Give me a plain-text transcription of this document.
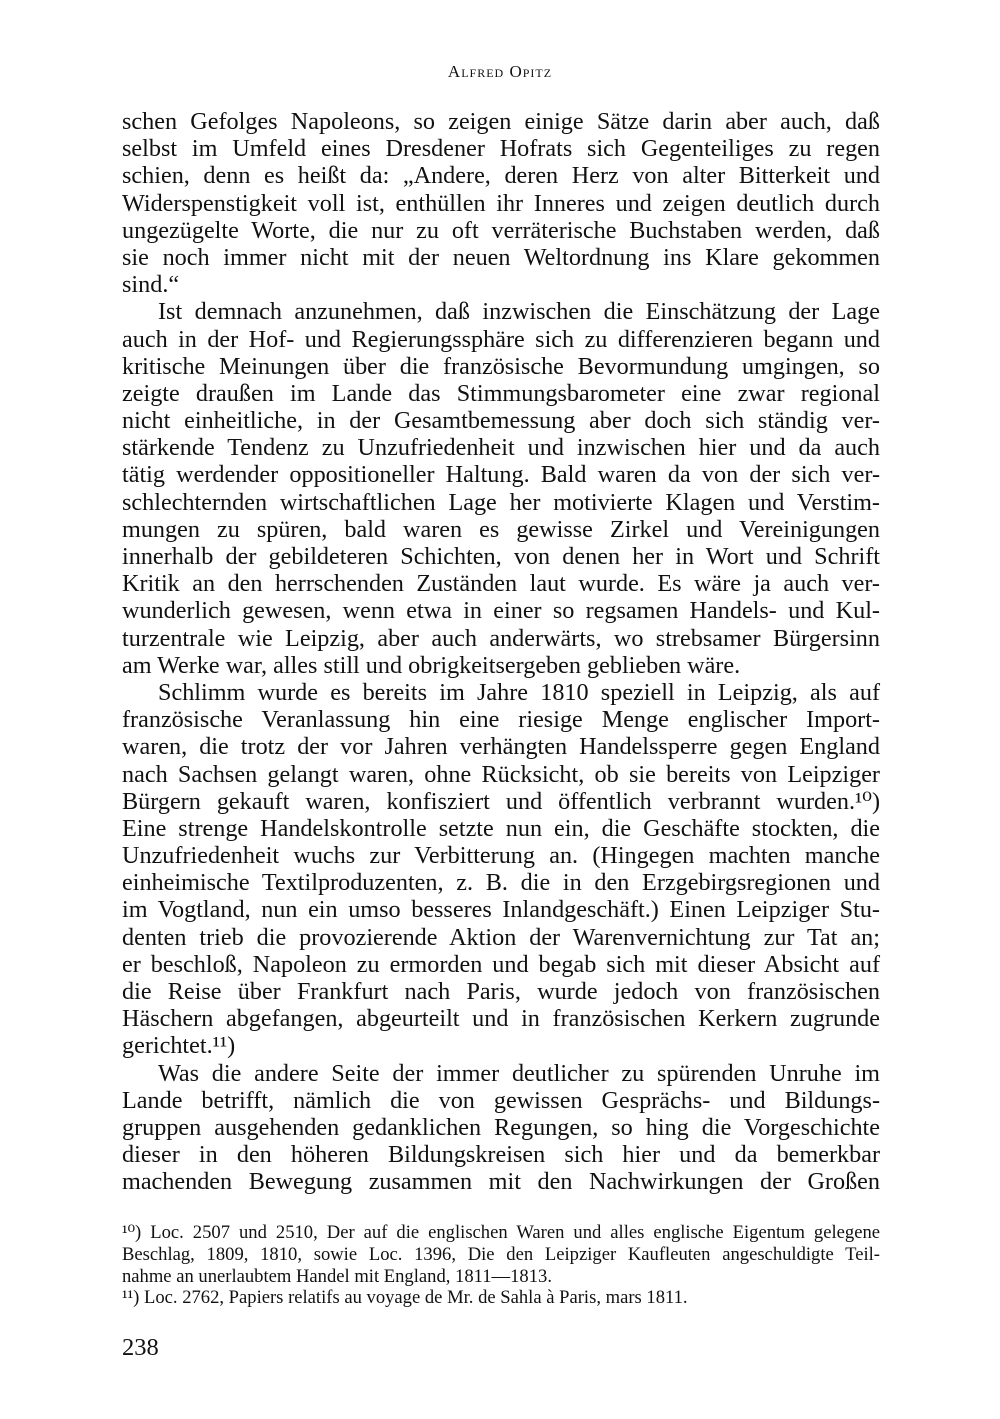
Alfred Opitz
schen Gefolges Napoleons, so zeigen einige Sätze darin aber auch, daß
selbst im Umfeld eines Dresdener Hofrats sich Gegenteiliges zu regen
schien, denn es heißt da: „Andere, deren Herz von alter Bitterkeit und
Widerspenstigkeit voll ist, enthüllen ihr Inneres und zeigen deutlich durch
ungezügelte Worte, die nur zu oft verräterische Buchstaben werden, daß
sie noch immer nicht mit der neuen Weltordnung ins Klare gekommen
sind.“
Ist demnach anzunehmen, daß inzwischen die Einschätzung der Lage
auch in der Hof- und Regierungssphäre sich zu differenzieren begann und
kritische Meinungen über die französische Bevormundung umgingen, so
zeigte draußen im Lande das Stimmungsbarometer eine zwar regional
nicht einheitliche, in der Gesamtbemessung aber doch sich ständig ver-
stärkende Tendenz zu Unzufriedenheit und inzwischen hier und da auch
tätig werdender oppositioneller Haltung. Bald waren da von der sich ver-
schlechternden wirtschaftlichen Lage her motivierte Klagen und Verstim-
mungen zu spüren, bald waren es gewisse Zirkel und Vereinigungen
innerhalb der gebildeteren Schichten, von denen her in Wort und Schrift
Kritik an den herrschenden Zuständen laut wurde. Es wäre ja auch ver-
wunderlich gewesen, wenn etwa in einer so regsamen Handels- und Kul-
turzentrale wie Leipzig, aber auch anderwärts, wo strebsamer Bürgersinn
am Werke war, alles still und obrigkeitsergeben geblieben wäre.
Schlimm wurde es bereits im Jahre 1810 speziell in Leipzig, als auf
französische Veranlassung hin eine riesige Menge englischer Import-
waren, die trotz der vor Jahren verhängten Handelssperre gegen England
nach Sachsen gelangt waren, ohne Rücksicht, ob sie bereits von Leipziger
Bürgern gekauft waren, konfisziert und öffentlich verbrannt wurden.¹⁰)
Eine strenge Handelskontrolle setzte nun ein, die Geschäfte stockten, die
Unzufriedenheit wuchs zur Verbitterung an. (Hingegen machten manche
einheimische Textilproduzenten, z. B. die in den Erzgebirgsregionen und
im Vogtland, nun ein umso besseres Inlandgeschäft.) Einen Leipziger Stu-
denten trieb die provozierende Aktion der Warenvernichtung zur Tat an;
er beschloß, Napoleon zu ermorden und begab sich mit dieser Absicht auf
die Reise über Frankfurt nach Paris, wurde jedoch von französischen
Häschern abgefangen, abgeurteilt und in französischen Kerkern zugrunde
gerichtet.¹¹)
Was die andere Seite der immer deutlicher zu spürenden Unruhe im
Lande betrifft, nämlich die von gewissen Gesprächs- und Bildungs-
gruppen ausgehenden gedanklichen Regungen, so hing die Vorgeschichte
dieser in den höheren Bildungskreisen sich hier und da bemerkbar
machenden Bewegung zusammen mit den Nachwirkungen der Großen
¹⁰) Loc. 2507 und 2510, Der auf die englischen Waren und alles englische Eigentum gelegene
Beschlag, 1809, 1810, sowie Loc. 1396, Die den Leipziger Kaufleuten angeschuldigte Teil-
nahme an unerlaubtem Handel mit England, 1811—1813.
¹¹) Loc. 2762, Papiers relatifs au voyage de Mr. de Sahla à Paris, mars 1811.
238
